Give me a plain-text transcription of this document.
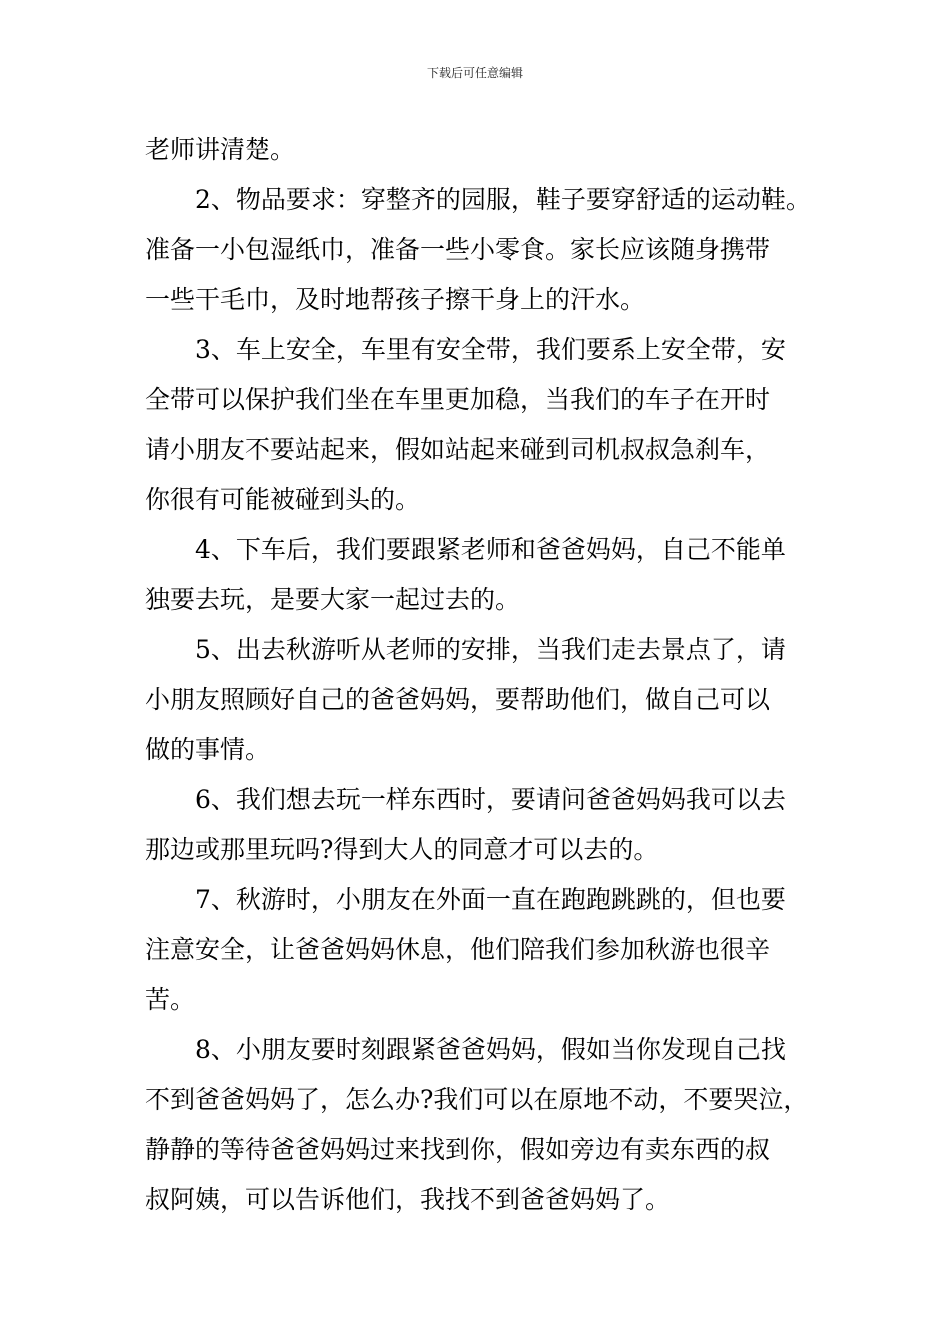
下载后可任意编辑

老师讲清楚。

2、物品要求：穿整齐的园服，鞋子要穿舒适的运动鞋。
准备一小包湿纸巾，准备一些小零食。家长应该随身携带
一些干毛巾，及时地帮孩子擦干身上的汗水。

3、车上安全，车里有安全带，我们要系上安全带，安
全带可以保护我们坐在车里更加稳，当我们的车子在开时
请小朋友不要站起来，假如站起来碰到司机叔叔急刹车，
你很有可能被碰到头的。

4、下车后，我们要跟紧老师和爸爸妈妈，自己不能单
独要去玩，是要大家一起过去的。

5、出去秋游听从老师的安排，当我们走去景点了，请
小朋友照顾好自己的爸爸妈妈，要帮助他们，做自己可以
做的事情。

6、我们想去玩一样东西时，要请问爸爸妈妈我可以去
那边或那里玩吗?得到大人的同意才可以去的。

7、秋游时，小朋友在外面一直在跑跑跳跳的，但也要
注意安全，让爸爸妈妈休息，他们陪我们参加秋游也很辛
苦。

8、小朋友要时刻跟紧爸爸妈妈，假如当你发现自己找
不到爸爸妈妈了，怎么办?我们可以在原地不动，不要哭泣，
静静的等待爸爸妈妈过来找到你，假如旁边有卖东西的叔
叔阿姨，可以告诉他们，我找不到爸爸妈妈了。
